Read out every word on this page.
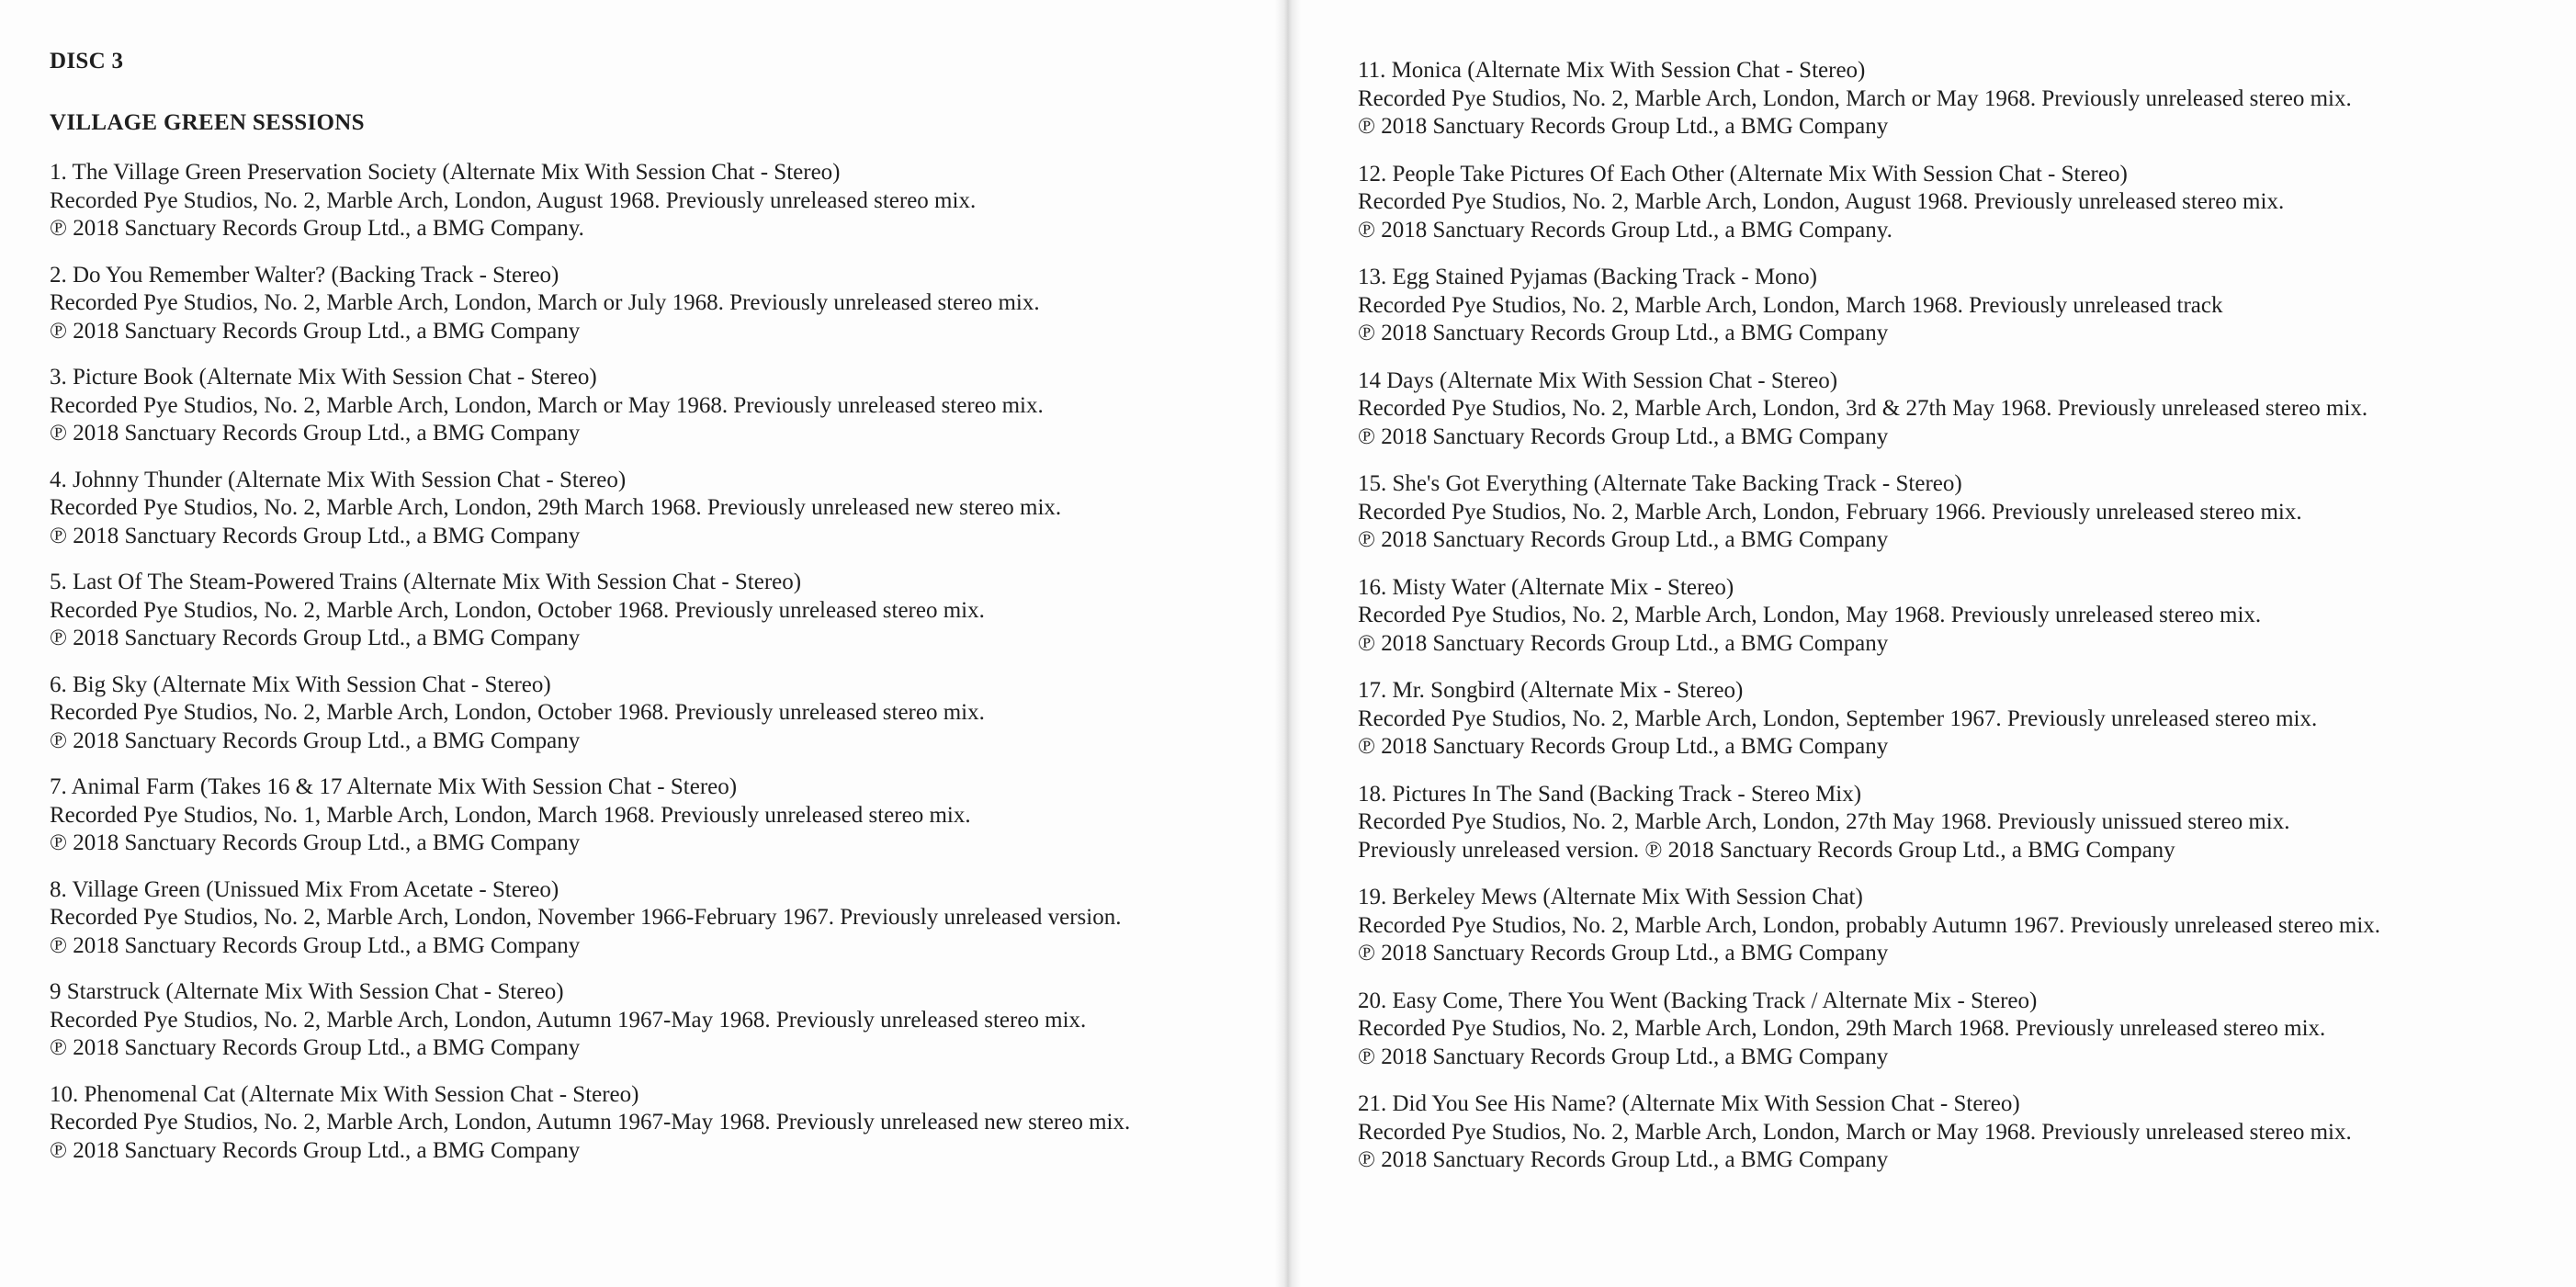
DISC 3
VILLAGE GREEN SESSIONS
1. The Village Green Preservation Society (Alternate Mix With Session Chat - Stereo)
Recorded Pye Studios, No. 2, Marble Arch, London, August 1968. Previously unreleased stereo mix.
℗ 2018 Sanctuary Records Group Ltd., a BMG Company.
2. Do You Remember Walter? (Backing Track - Stereo)
Recorded Pye Studios, No. 2, Marble Arch, London, March or July 1968. Previously unreleased stereo mix.
℗ 2018 Sanctuary Records Group Ltd., a BMG Company
3. Picture Book (Alternate Mix With Session Chat - Stereo)
Recorded Pye Studios, No. 2, Marble Arch, London, March or May 1968. Previously unreleased stereo mix.
℗ 2018 Sanctuary Records Group Ltd., a BMG Company
4. Johnny Thunder (Alternate Mix With Session Chat - Stereo)
Recorded Pye Studios, No. 2, Marble Arch, London, 29th March 1968. Previously unreleased new stereo mix.
℗ 2018 Sanctuary Records Group Ltd., a BMG Company
5. Last Of The Steam-Powered Trains (Alternate Mix With Session Chat - Stereo)
Recorded Pye Studios, No. 2, Marble Arch, London, October 1968. Previously unreleased stereo mix.
℗ 2018 Sanctuary Records Group Ltd., a BMG Company
6. Big Sky (Alternate Mix With Session Chat - Stereo)
Recorded Pye Studios, No. 2, Marble Arch, London, October 1968. Previously unreleased stereo mix.
℗ 2018 Sanctuary Records Group Ltd., a BMG Company
7. Animal Farm (Takes 16 & 17 Alternate Mix With Session Chat - Stereo)
Recorded Pye Studios, No. 1, Marble Arch, London, March 1968. Previously unreleased stereo mix.
℗ 2018 Sanctuary Records Group Ltd., a BMG Company
8. Village Green (Unissued Mix From Acetate - Stereo)
Recorded Pye Studios, No. 2, Marble Arch, London, November 1966-February 1967. Previously unreleased version.
℗ 2018 Sanctuary Records Group Ltd., a BMG Company
9 Starstruck (Alternate Mix With Session Chat - Stereo)
Recorded Pye Studios, No. 2, Marble Arch, London, Autumn 1967-May 1968. Previously unreleased stereo mix.
℗ 2018 Sanctuary Records Group Ltd., a BMG Company
10. Phenomenal Cat (Alternate Mix With Session Chat - Stereo)
Recorded Pye Studios, No. 2, Marble Arch, London, Autumn 1967-May 1968. Previously unreleased new stereo mix.
℗ 2018 Sanctuary Records Group Ltd., a BMG Company
11. Monica (Alternate Mix With Session Chat - Stereo)
Recorded Pye Studios, No. 2, Marble Arch, London, March or May 1968. Previously unreleased stereo mix.
℗ 2018 Sanctuary Records Group Ltd., a BMG Company
12. People Take Pictures Of Each Other (Alternate Mix With Session Chat - Stereo)
Recorded Pye Studios, No. 2, Marble Arch, London, August 1968. Previously unreleased stereo mix.
℗ 2018 Sanctuary Records Group Ltd., a BMG Company.
13. Egg Stained Pyjamas (Backing Track - Mono)
Recorded Pye Studios, No. 2, Marble Arch, London, March 1968. Previously unreleased track
℗ 2018 Sanctuary Records Group Ltd., a BMG Company
14 Days (Alternate Mix With Session Chat - Stereo)
Recorded Pye Studios, No. 2, Marble Arch, London, 3rd & 27th May 1968. Previously unreleased stereo mix.
℗ 2018 Sanctuary Records Group Ltd., a BMG Company
15. She's Got Everything (Alternate Take Backing Track - Stereo)
Recorded Pye Studios, No. 2, Marble Arch, London, February 1966. Previously unreleased stereo mix.
℗ 2018 Sanctuary Records Group Ltd., a BMG Company
16. Misty Water (Alternate Mix - Stereo)
Recorded Pye Studios, No. 2, Marble Arch, London, May 1968. Previously unreleased stereo mix.
℗ 2018 Sanctuary Records Group Ltd., a BMG Company
17. Mr. Songbird (Alternate Mix - Stereo)
Recorded Pye Studios, No. 2, Marble Arch, London, September 1967. Previously unreleased stereo mix.
℗ 2018 Sanctuary Records Group Ltd., a BMG Company
18. Pictures In The Sand (Backing Track - Stereo Mix)
Recorded Pye Studios, No. 2, Marble Arch, London, 27th May 1968. Previously unissued stereo mix.
Previously unreleased version. ℗ 2018 Sanctuary Records Group Ltd., a BMG Company
19. Berkeley Mews (Alternate Mix With Session Chat)
Recorded Pye Studios, No. 2, Marble Arch, London, probably Autumn 1967. Previously unreleased stereo mix.
℗ 2018 Sanctuary Records Group Ltd., a BMG Company
20. Easy Come, There You Went (Backing Track / Alternate Mix - Stereo)
Recorded Pye Studios, No. 2, Marble Arch, London, 29th March 1968. Previously unreleased stereo mix.
℗ 2018 Sanctuary Records Group Ltd., a BMG Company
21. Did You See His Name? (Alternate Mix With Session Chat - Stereo)
Recorded Pye Studios, No. 2, Marble Arch, London, March or May 1968. Previously unreleased stereo mix.
℗ 2018 Sanctuary Records Group Ltd., a BMG Company
